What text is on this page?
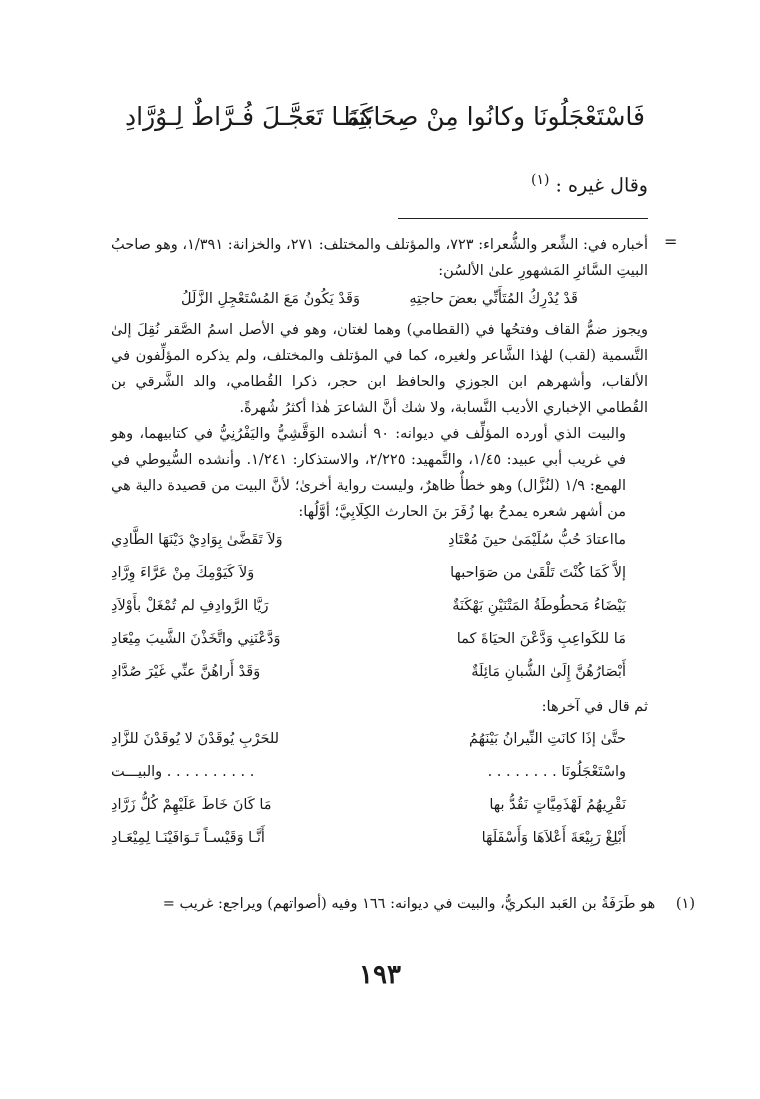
فَاسْتَعْجَلُونَا وكانُوا مِنْ صِحَابَتِنَا
كَمَـا تَعَجَّـلَ فُـرَّاطٌ لِـوُرَّادِ
وقال غيره : $^{(١)}$
=

أخباره في: الشِّعر والشُّعراء: ٧٢٣، والمؤتلف والمختلف: ٢٧١، والخزانة: ١/٣٩١، وهو صاحبُ البيتِ السَّائرِ المَشهورِ علىٰ الألسُن:

قَدْ يُدْرِكُ المُتَأَنِّي بعضَ حاجتِهِ
وَقَدْ يَكُونُ مَعَ المُسْتَعْجِلِ الزَّلَلُ

ويجوز ضمُّ القاف وفتحُها في (القطامي) وهما لغتان، وهو في الأصل اسمُ الصَّقر نُقِلَ إلىٰ التَّسمية (لقب) لهٰذا الشَّاعر ولغيره، كما في المؤتلف والمختلف، ولم يذكره المؤلِّفون في الألقاب، وأشهرهم ابن الجوزي والحافظ ابن حجر، ذكرا القُطامي، والد الشَّرقي بن القُطامي الإخباري الأديب النَّسابة، ولا شك أنَّ الشاعرَ هٰذا أكثرُ شُهرةً.

والبيت الذي أورده المؤلِّف في ديوانه: ٩٠ أنشده الوَقَّشِيُّ واليَفْرُنِيُّ في كتابيهما، وهو في غريب أبي عبيد: ١/٤٥، والتَّمهيد: ٢/٢٢٥، والاستذكار: ١/٢٤١. وأنشده السُّيوطي في الهمع: ١/٩ (لنُزَّال) وهو خطأٌ ظاهرٌ، وليست رواية أخرىٰ؛ لأنَّ البيت من قصيدة دالية هي من أشهر شعره يمدحُ بها زُفَرَ بنَ الحارث الكِلَابِيَّ؛ أوَّلُها:

مااعتادَ حُبُّ سُلَيْمَىٰ حينَ مُعْتَادِ
وَلاَ تَقَضَّىٰ بِوَادِيْ دَيْنَهَا الطَّادِي
إلاَّ كَمَا كُنْتَ تَلْقَىٰ من صَوَاحبها
وَلاَ كَيَوْمِكَ مِنْ عَرَّاءَ وِرَّادِ
بَيْضَاءُ مَحطُوطَةُ المَتْنَيْنِ بَهْكَنَةٌ
رَيَّا الرَّوادِفِ لم تُمْغَلْ بأَوْلاَدِ
مَا للكَواعِبِ وَدَّعْنَ الحيَاةَ كما
وَدَّعْنَنِي واتَّخَذْنَ الشَّيبَ مِيْعَادِ
أَبْصَارُهُنَّ إِلَىٰ الشُّبانِ مَائِلَةٌ
وَقَدْ أَراهُنَّ عنِّي غَيْرَ صُدَّادِ
ثم قال في آخرها:
حتَّىٰ إذَا كانَتِ النِّيرانُ بَيْنَهُمُ
للحَرْبِ يُوقَدْنَ لا يُوقَدْنَ للزَّادِ
واسْتَعْجَلُونَا . . . . . . . .
. . . . . . . . . . والبيـــت
نَقْرِيهُمُ لَهْذَمِيَّاتٍ نَقُدُّ بها
مَا كَانَ خَاطَ عَلَيْهِمْ كُلُّ زَرَّادِ
أَبْلِغْ رَبِيْعَةَ أَعْلاَهَا وَأَسْفَلَهَا
أَنَّـا وَقَيْسـاً تَـوَافَيْنَـا لِمِيْعَـادِ
(١) هو طَرَفَةُ بن العَبد البكريُّ، والبيت في ديوانه: ١٦٦ وفيه (أصواتهم) ويراجع: غريب =
١٩٣
